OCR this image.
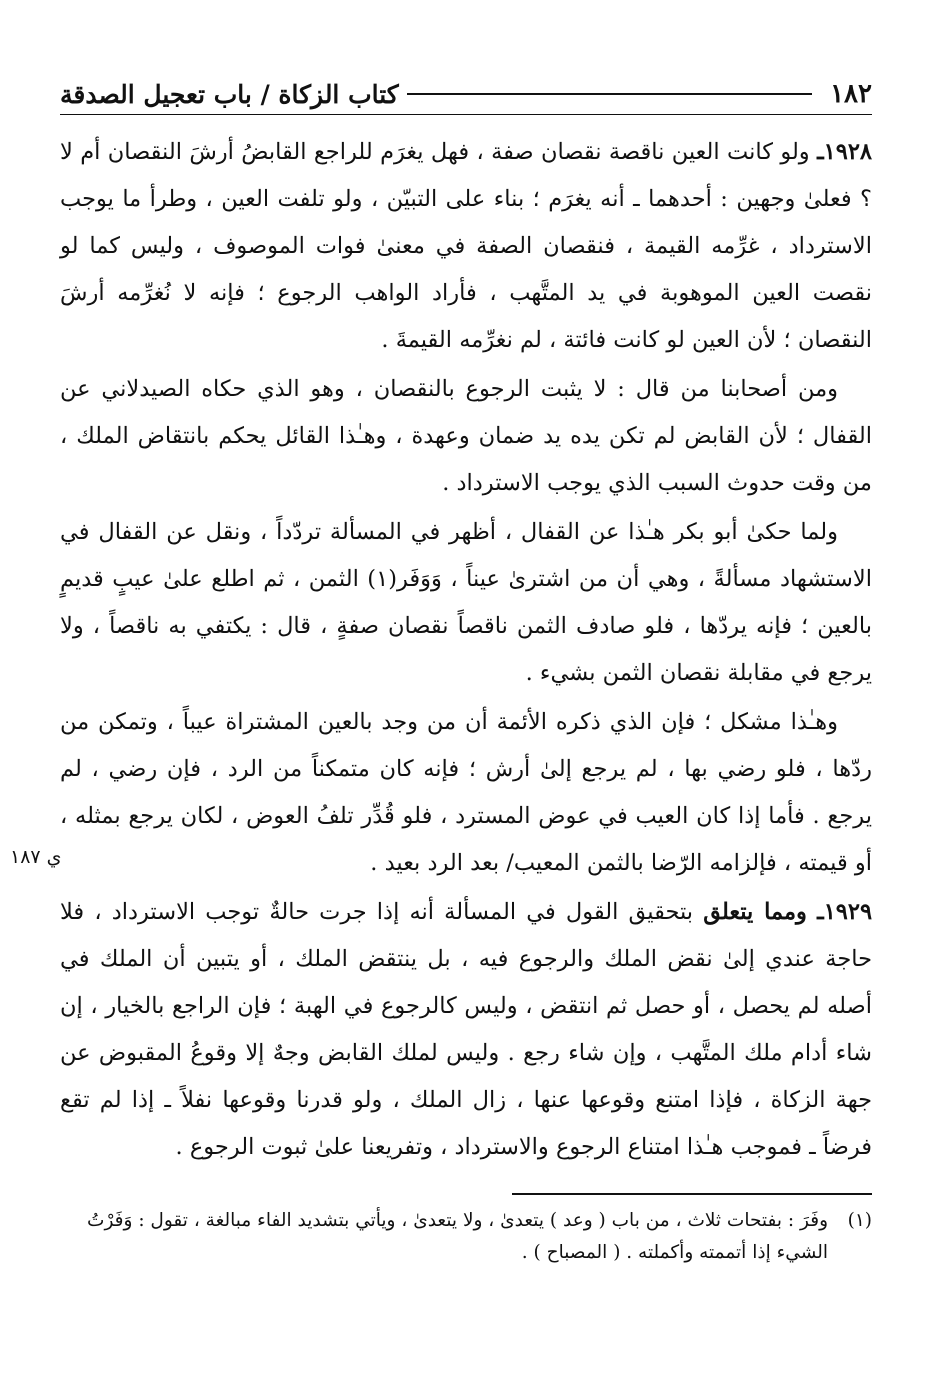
١٨٢
كتاب الزكاة / باب تعجيل الصدقة

١٩٢٨ـ ولو كانت العين ناقصة نقصان صفة ، فهل يغرَم للراجع القابضُ أرشَ النقصان أم لا ؟ فعلىٰ وجهين : أحدهما ـ أنه يغرَم ؛ بناء على التبيّن ، ولو تلفت العين ، وطرأ ما يوجب الاسترداد ، غرِّمه القيمة ، فنقصان الصفة في معنىٰ فوات الموصوف ، وليس كما لو نقصت العين الموهوبة في يد المتَّهب ، فأراد الواهب الرجوع ؛ فإنه لا نُغرِّمه أرشَ النقصان ؛ لأن العين لو كانت فائتة ، لم نغرِّمه القيمةَ .

ومن أصحابنا من قال : لا يثبت الرجوع بالنقصان ، وهو الذي حكاه الصيدلاني عن القفال ؛ لأن القابض لم تكن يده يد ضمان وعهدة ، وهـٰذا القائل يحكم بانتقاض الملك ، من وقت حدوث السبب الذي يوجب الاسترداد .

ولما حكىٰ أبو بكر هـٰذا عن القفال ، أظهر في المسألة تردّداً ، ونقل عن القفال في الاستشهاد مسألةً ، وهي أن من اشترىٰ عيناً ، وَوَفَر(١) الثمن ، ثم اطلع علىٰ عيبٍ قديمٍ بالعين ؛ فإنه يردّها ، فلو صادف الثمن ناقصاً نقصان صفةٍ ، قال : يكتفي به ناقصاً ، ولا يرجع في مقابلة نقصان الثمن بشيء .

وهـٰذا مشكل ؛ فإن الذي ذكره الأئمة أن من وجد بالعين المشتراة عيباً ، وتمكن من ردّها ، فلو رضي بها ، لم يرجع إلىٰ أرش ؛ فإنه كان متمكناً من الرد ، فإن رضي ، لم يرجع . فأما إذا كان العيب في عوض المسترد ، فلو قُدِّر تلفُ العوض ، لكان يرجع بمثله ، أو قيمته ، فإلزامه الرّضا بالثمن المعيب/ بعد الرد بعيد .

١٩٢٩ـ ومما يتعلق بتحقيق القول في المسألة أنه إذا جرت حالةٌ توجب الاسترداد ، فلا حاجة عندي إلىٰ نقض الملك والرجوع فيه ، بل ينتقض الملك ، أو يتبين أن الملك في أصله لم يحصل ، أو حصل ثم انتقض ، وليس كالرجوع في الهبة ؛ فإن الراجع بالخيار ، إن شاء أدام ملك المتَّهب ، وإن شاء رجع . وليس لملك القابض وجهٌ إلا وقوعُ المقبوض عن جهة الزكاة ، فإذا امتنع وقوعها عنها ، زال الملك ، ولو قدرنا وقوعها نفلاً ـ إذا لم تقع فرضاً ـ فموجب هـٰذا امتناع الرجوع والاسترداد ، وتفريعنا علىٰ ثبوت الرجوع .

(١)
وفَرَ : بفتحات ثلاث ، من باب ( وعد ) يتعدىٰ ، ولا يتعدىٰ ، ويأتي بتشديد الفاء مبالغة ، تقول : وَفَرْتُ الشيء إذا أتممته وأكملته . ( المصباح ) .
ي ١٨٧
